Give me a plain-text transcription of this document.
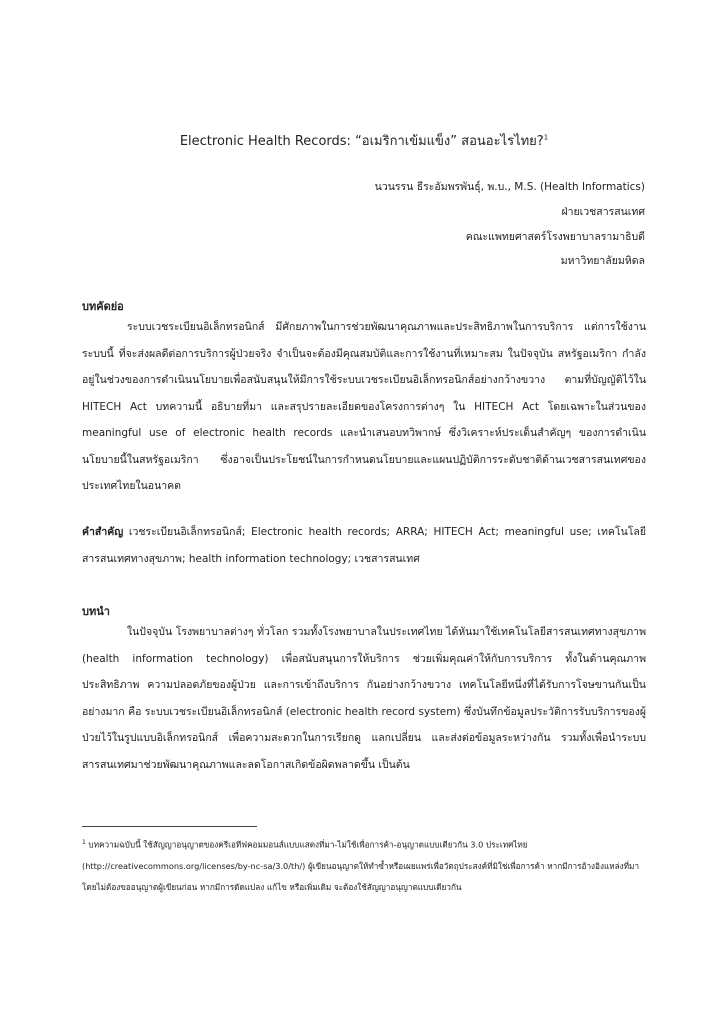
Electronic Health Records: “อเมริกาเข้มแข็ง” สอนอะไรไทย?$^1$
นวนรรน ธีระอัมพรพันธุ์, พ.บ., M.S. (Health Informatics)
ฝ่ายเวชสารสนเทศ
คณะแพทยศาสตร์โรงพยาบาลรามาธิบดี
มหาวิทยาลัยมหิดล
บทคัดย่อ
ระบบเวชระเบียนอิเล็กทรอนิกส์ มีศักยภาพในการช่วยพัฒนาคุณภาพและประสิทธิภาพในการบริการ แต่การใช้งานระบบนี้ ที่จะส่งผลดีต่อการบริการผู้ป่วยจริง จำเป็นจะต้องมีคุณสมบัติและการใช้งานที่เหมาะสม ในปัจจุบัน สหรัฐอเมริกา กำลังอยู่ในช่วงของการดำเนินนโยบายเพื่อสนับสนุนให้มีการใช้ระบบเวชระเบียนอิเล็กทรอนิกส์อย่างกว้างขวาง ตามที่บัญญัติไว้ใน HITECH Act บทความนี้ อธิบายที่มา และสรุปรายละเอียดของโครงการต่างๆ ใน HITECH Act โดยเฉพาะในส่วนของ meaningful use of electronic health records และนำเสนอบทวิพากษ์ ซึ่งวิเคราะห์ประเด็นสำคัญๆ ของการดำเนินนโยบายนี้ในสหรัฐอเมริกา ซึ่งอาจเป็นประโยชน์ในการกำหนดนโยบายและแผนปฏิบัติการระดับชาติด้านเวชสารสนเทศของประเทศไทยในอนาคต
คำสำคัญ เวชระเบียนอิเล็กทรอนิกส์; Electronic health records; ARRA; HITECH Act; meaningful use; เทคโนโลยีสารสนเทศทางสุขภาพ; health information technology; เวชสารสนเทศ
บทนำ
ในปัจจุบัน โรงพยาบาลต่างๆ ทั่วโลก รวมทั้งโรงพยาบาลในประเทศไทย ได้หันมาใช้เทคโนโลยีสารสนเทศทางสุขภาพ (health information technology) เพื่อสนับสนุนการให้บริการ ช่วยเพิ่มคุณค่าให้กับการบริการ ทั้งในด้านคุณภาพ ประสิทธิภาพ ความปลอดภัยของผู้ป่วย และการเข้าถึงบริการ กันอย่างกว้างขวาง เทคโนโลยีหนึ่งที่ได้รับการโจษขานกันเป็นอย่างมาก คือ ระบบเวชระเบียนอิเล็กทรอนิกส์ (electronic health record system) ซึ่งบันทึกข้อมูลประวัติการรับบริการของผู้ป่วยไว้ในรูปแบบอิเล็กทรอนิกส์ เพื่อความสะดวกในการเรียกดู แลกเปลี่ยน และส่งต่อข้อมูลระหว่างกัน รวมทั้งเพื่อนำระบบสารสนเทศมาช่วยพัฒนาคุณภาพและลดโอกาสเกิดข้อผิดพลาดขึ้น เป็นต้น
$^1$ บทความฉบับนี้ ใช้สัญญาอนุญาตของครีเอทีฟคอมมอนส์แบบแสดงที่มา-ไม่ใช้เพื่อการค้า-อนุญาตแบบเดียวกัน 3.0 ประเทศไทย (http://creativecommons.org/licenses/by-nc-sa/3.0/th/) ผู้เขียนอนุญาตให้ทำซ้ำหรือเผยแพร่เพื่อวัตถุประสงค์ที่มิใช่เพื่อการค้า หากมีการอ้างอิงแหล่งที่มา โดยไม่ต้องขออนุญาตผู้เขียนก่อน หากมีการดัดแปลง แก้ไข หรือเพิ่มเติม จะต้องใช้สัญญาอนุญาตแบบเดียวกัน
